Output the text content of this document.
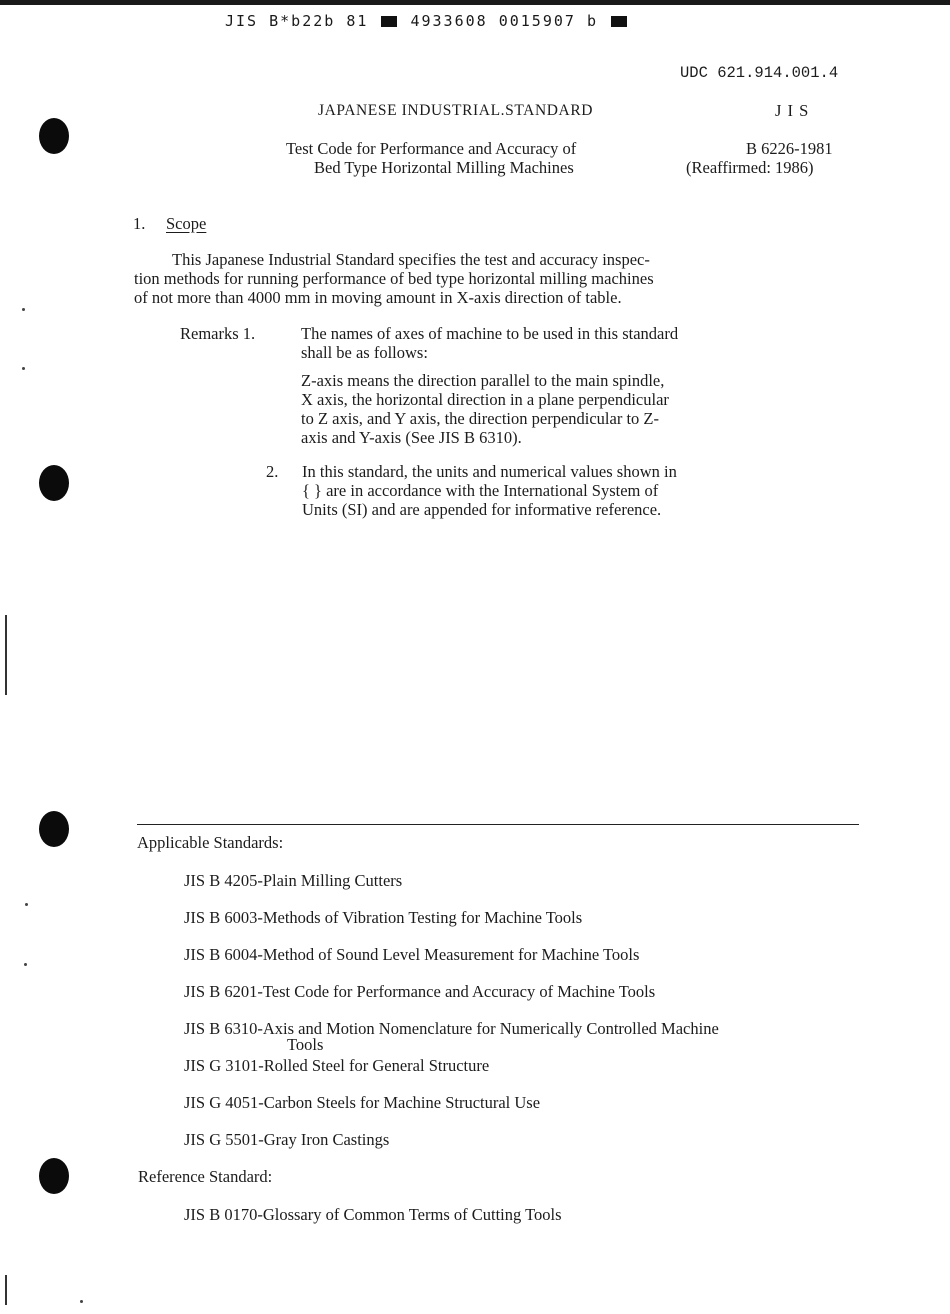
JIS B*b22b 81	4933608 0015907 b
UDC 621.914.001.4
JAPANESE INDUSTRIAL.STANDARD	J I S
Test Code for Performance and Accuracy of
Bed Type Horizontal Milling Machines
B 6226-1981
(Reaffirmed: 1986)
1. Scope
This Japanese Industrial Standard specifies the test and accuracy inspec-
tion methods for running performance of bed type horizontal milling machines
of not more than 4000 mm in moving amount in X-axis direction of table.
Remarks 1.	The names of axes of machine to be used in this standard
shall be as follows:
Z-axis means the direction parallel to the main spindle,
X axis, the horizontal direction in a plane perpendicular
to Z axis, and Y axis, the direction perpendicular to Z-
axis and Y-axis (See JIS B 6310).
2. In this standard, the units and numerical values shown in
{ } are in accordance with the International System of
Units (SI) and are appended for informative reference.
Applicable Standards:
JIS B 4205-Plain Milling Cutters
JIS B 6003-Methods of Vibration Testing for Machine Tools
JIS B 6004-Method of Sound Level Measurement for Machine Tools
JIS B 6201-Test Code for Performance and Accuracy of Machine Tools
JIS B 6310-Axis and Motion Nomenclature for Numerically Controlled Machine
Tools
JIS G 3101-Rolled Steel for General Structure
JIS G 4051-Carbon Steels for Machine Structural Use
JIS G 5501-Gray Iron Castings
Reference Standard:
JIS B 0170-Glossary of Common Terms of Cutting Tools
